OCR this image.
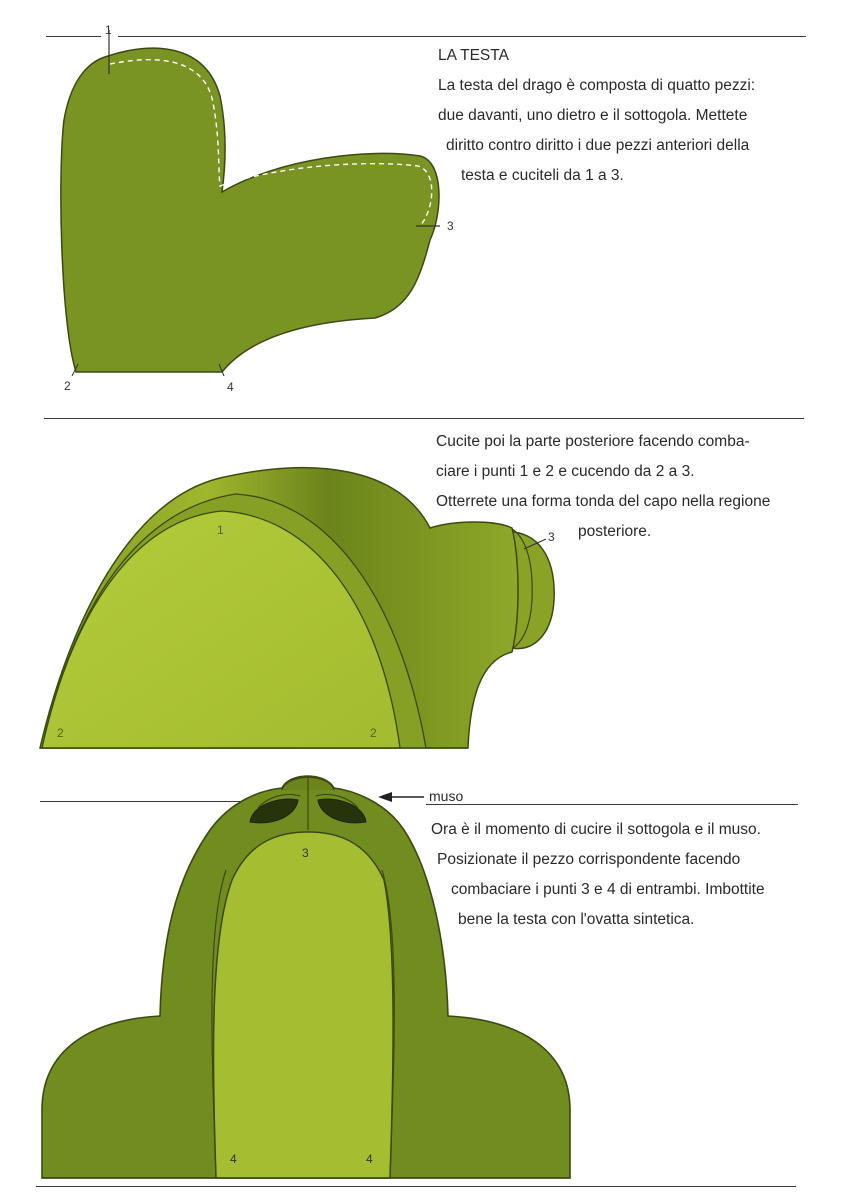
LA TESTA
La testa del drago è composta di quatto pezzi:
due davanti, uno dietro e il sottogola. Mettete
diritto contro diritto i due pezzi anteriori della
testa e cuciteli da 1 a 3.
Cucite poi la parte posteriore facendo comba-
ciare i punti 1 e 2 e cucendo da 2 a 3.
Otterrete una forma tonda del capo nella regione
posteriore.
Ora è il momento di cucire il sottogola e il muso.
Posizionate il pezzo corrispondente facendo
combaciare i punti 3 e 4 di entrambi. Imbottite
bene la testa con l'ovatta sintetica.
1
2
3
4
1
2	2
3
3
4	4
muso
